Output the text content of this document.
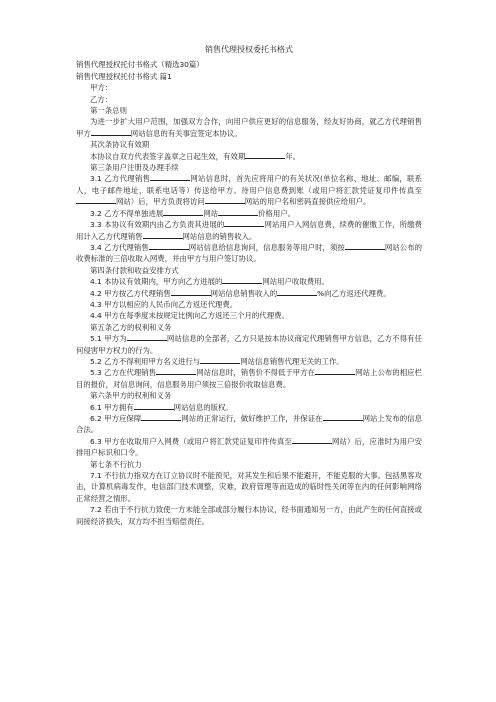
销售代理授权委托书格式
销售代理授权托付书格式（精选30篇）
销售代理授权托付书格式 篇1
甲方：
乙方：
第一条总则
为进一步扩大用户范围，加强双方合作，向用户供应更好的信息服务，经友好协商，就乙方代理销售甲方	网站信息的有关事宜签定本协议。
其次条协议有效期
本协议自双方代表签字盖章之日起生效，有效期	年。
第三条用户注册及办理手续
3.1 乙方代理销售	网站信息时，首先应将用户的有关状况(单位名称、地址、邮编，联系人，电子邮件地址，联系电话等）传送给甲方。待用户信息费到账（或用户将汇款凭证复印件传真至网站）后，甲方负责将访问	网站的用户名和密码直接供应给用户。
3.2 乙方不得单独进展	网站	价格用户。
3.3 本协议有效期内由乙方负责其进展的	网站用户入网信息费，续费的催缴工作，所缴费用计入乙方代理销售	网站信息的销售收入。
3.4 乙方代理销售	网站信息给信息询问，信息服务等用户时，须按	网站公布的收费标准的三倍收取入网费，并由甲方与用户签订协议。
第四条付款和收益安排方式
4.1 本协议有效期内，甲方向乙方进展的	网站用户收取费用。
4.2 甲方按乙方代理销售	网站信息销售收入的	%向乙方返还代理费。
4.3 甲方以相应的人民币向乙方返还代理费。
4.4 甲方在每季度末按规定比例向乙方返还三个月的代理费。
第五条乙方的权利和义务
5.1 甲方为	网站信息的全部者，乙方只是按本协议商定代理销售甲方信息，乙方不得有任何侵害甲方权力的行为。
5.2 乙方不得利用甲方名义进行与	网站信息销售代理无关的工作。
5.3 乙方在代理销售	网站信息时，销售价不得低于甲方在	网站上公布的相应栏目的报价，对信息询问，信息服务用户须按三倍报价收取信息费。
第六条甲方的权利和义务
6.1 甲方拥有	网站信息的版权。
6.2 甲方应保障	网站的正常运行，做好维护工作，并保证在	网站上发布的信息合法。
6.3 甲方在收取用户入网费（或用户将汇款凭证复印件传真至	网站）后，应准时为用户安排用户标识和口令。
第七条不行抗力
7.1 不行抗力指双方在订立协议时不能预见，对其发生和后果不能避开，不能克服的大事。包括黑客攻击，计算机病毒发作，电信部门技术调整，灾难，政府管理等而造成的临时性关闭等在内的任何影响网络正常经营之情形。
7.2 若由于不行抗力致使一方未能全部或部分履行本协议，经书面通知另一方，由此产生的任何直接或间接经济损失，双方均不担当赔偿责任。
